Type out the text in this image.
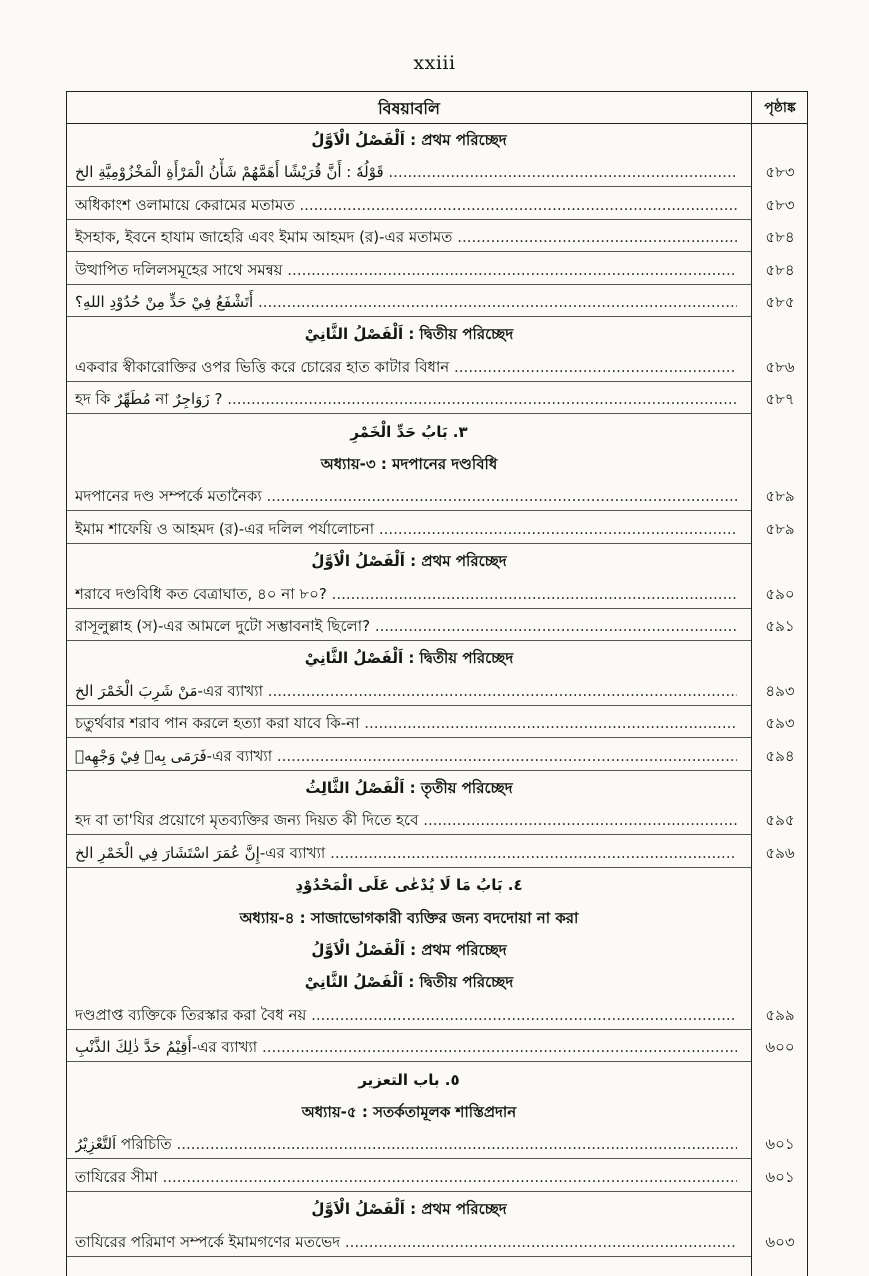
xxiii
বিষয়াবলি	পৃষ্ঠাঙ্ক
اَلْفَصْلُ الْاَوَّلُ : প্রথম পরিচ্ছেদ
قَوْلُهٗ : أَنَّ قُرَيْشًا أَهَمَّهُمْ شَأْنُ الْمَرْأَةِ الْمَخْزُوْمِيَّةِ الخ .....	৫৮৩
অধিকাংশ ওলামায়ে কেরামের মতামত .....	৫৮৩
ইসহাক, ইবনে হাযাম জাহেরি এবং ইমাম আহমদ (র)-এর মতামত .....	৫৮৪
উত্থাপিত দলিলসমূহের সাথে সমন্বয় .....	৫৮৪
أَتَشْفَعُ فِيْ حَدٍّ مِنْ حُدُوْدِ اللهِ؟ .....	৫৮৫
اَلْفَصْلُ الثَّانِيْ : দ্বিতীয় পরিচ্ছেদ
একবার স্বীকারোক্তির ওপর ভিত্তি করে চোরের হাত কাটার বিধান .....	৫৮৬
হদ কি مُطَهِّرٌ না زَوَاجِرٌ ? .....	৫৮৭
٣. بَابُ حَدِّ الْخَمْرِ
অধ্যায়-৩ : মদপানের দণ্ডবিধি
মদপানের দণ্ড সম্পর্কে মতানৈক্য .....	৫৮৯
ইমাম শাফেয়ি ও আহমদ (র)-এর দলিল পর্যালোচনা .....	৫৮৯
اَلْفَصْلُ الْاَوَّلُ : প্রথম পরিচ্ছেদ
শরাবে দণ্ডবিধি কত বেত্রাঘাত, ৪০ না ৮০? .....	৫৯০
রাসূলুল্লাহ (স)-এর আমলে দুটো সম্ভাবনাই ছিলো? .....	৫৯১
اَلْفَصْلُ الثَّانِيْ : দ্বিতীয় পরিচ্ছেদ
مَنْ شَرِبَ الْخَمْرَ الخ-এর ব্যাখ্যা .....	৪৯৩
চতুর্থবার শরাব পান করলে হত্যা করা যাবে কি-না .....	৫৯৩
فَرَمَى بِهٖ فِيْ وَجْهِهٖ-এর ব্যাখ্যা .....	৫৯৪
اَلْفَصْلُ الثَّالِثُ : তৃতীয় পরিচ্ছেদ
হদ বা তা'যির প্রয়োগে মৃতব্যক্তির জন্য দিয়ত কী দিতে হবে .....	৫৯৫
إِنَّ عُمَرَ اسْتَشَارَ فِي الْخَمْرِ الخ-এর ব্যাখ্যা .....	৫৯৬
٤. بَابُ مَا لَا يُدْعٰى عَلَى الْمَحْدُوْدِ
অধ্যায়-৪ : সাজাভোগকারী ব্যক্তির জন্য বদদোয়া না করা
اَلْفَصْلُ الْاَوَّلُ : প্রথম পরিচ্ছেদ
اَلْفَصْلُ الثَّانِيْ : দ্বিতীয় পরিচ্ছেদ
দণ্ডপ্রাপ্ত ব্যক্তিকে তিরস্কার করা বৈধ নয় .....	৫৯৯
أَقِيْمُ حَدَّ ذٰلِكَ الذَّنْبِ-এর ব্যাখ্যা .....	৬০০
٥. باب التعزير
অধ্যায়-৫ : সতর্কতামূলক শাস্তিপ্রদান
اَلتَّعْزِيْرُ পরিচিতি .....	৬০১
তাযিরের সীমা .....	৬০১
اَلْفَصْلُ الْاَوَّلُ : প্রথম পরিচ্ছেদ
তাযিরের পরিমাণ সম্পর্কে ইমামগণের মতভেদ .....	৬০৩
